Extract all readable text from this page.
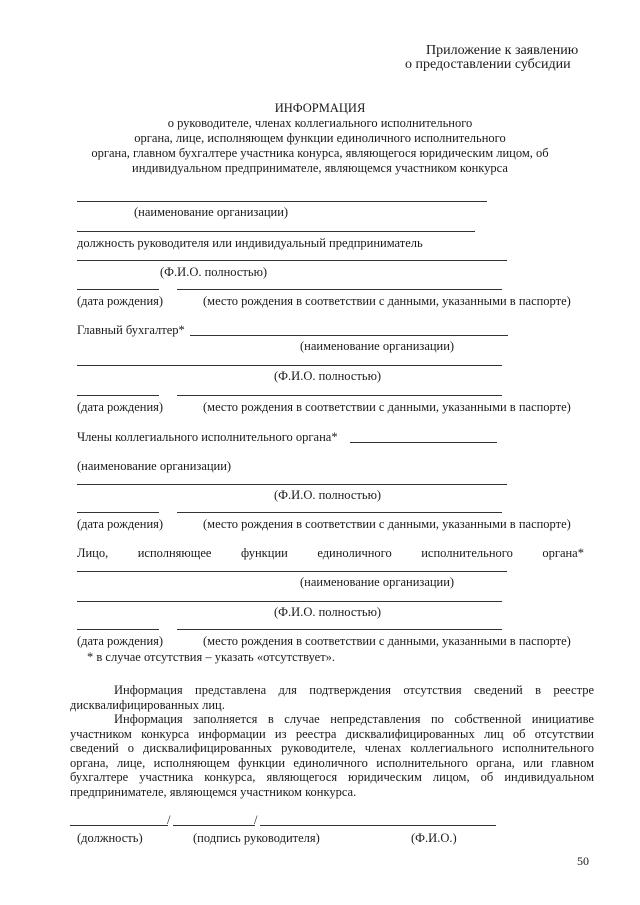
Приложение к заявлению
о предоставлении субсидии
ИНФОРМАЦИЯ
о руководителе, членах коллегиального исполнительного
органа, лице, исполняющем функции единоличного исполнительного
органа, главном бухгалтере участника конурса, являющегося юридическим лицом, об
индивидуальном предпринимателе, являющемся участником конкурса
(наименование организации)
должность руководителя или индивидуальный предприниматель
(Ф.И.О. полностью)
(дата рождения)	(место рождения в соответствии с данными, указанными в паспорте)
Главный бухгалтер*
(наименование организации)
(Ф.И.О. полностью)
(дата рождения)	(место рождения в соответствии с данными, указанными в паспорте)
Члены коллегиального исполнительного органа*
(наименование организации)
(Ф.И.О. полностью)
(дата рождения)	(место рождения в соответствии с данными, указанными в паспорте)
Лицо, исполняющее функции единоличного исполнительного органа*
(наименование организации)
(Ф.И.О. полностью)
(дата рождения)	(место рождения в соответствии с данными, указанными в паспорте)
* в случае отсутствия – указать «отсутствует».
Информация представлена для подтверждения отсутствия сведений в реестре дисквалифицированных лиц.
Информация заполняется в случае непредставления по собственной инициативе участником конкурса информации из реестра дисквалифицированных лиц об отсутствии сведений о дисквалифицированных руководителе, членах коллегиального исполнительного органа, лице, исполняющем функции единоличного исполнительного органа, или главном бухгалтере участника конкурса, являющегося юридическим лицом, об индивидуальном предпринимателе, являющемся участником конкурса.
/	/
(должность)	(подпись руководителя)	(Ф.И.О.)
50
